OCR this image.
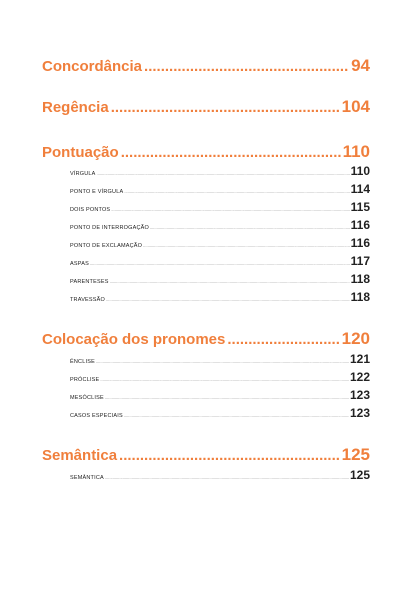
Concordância .....	94
Regência .....	104
Pontuação .....	110
VÍRGULA .....	110
PONTO E VÍRGULA .....	114
DOIS PONTOS .....	115
PONTO DE INTERROGAÇÃO .....	116
PONTO DE EXCLAMAÇÃO .....	116
ASPAS .....	117
PARENTESES .....	118
TRAVESSÃO .....	118
Colocação dos pronomes .....	120
ÊNCLISE .....	121
PRÓCLISE .....	122
MESÓCLISE .....	123
CASOS ESPECIAIS .....	123
Semântica .....	125
SEMÂNTICA .....	125
